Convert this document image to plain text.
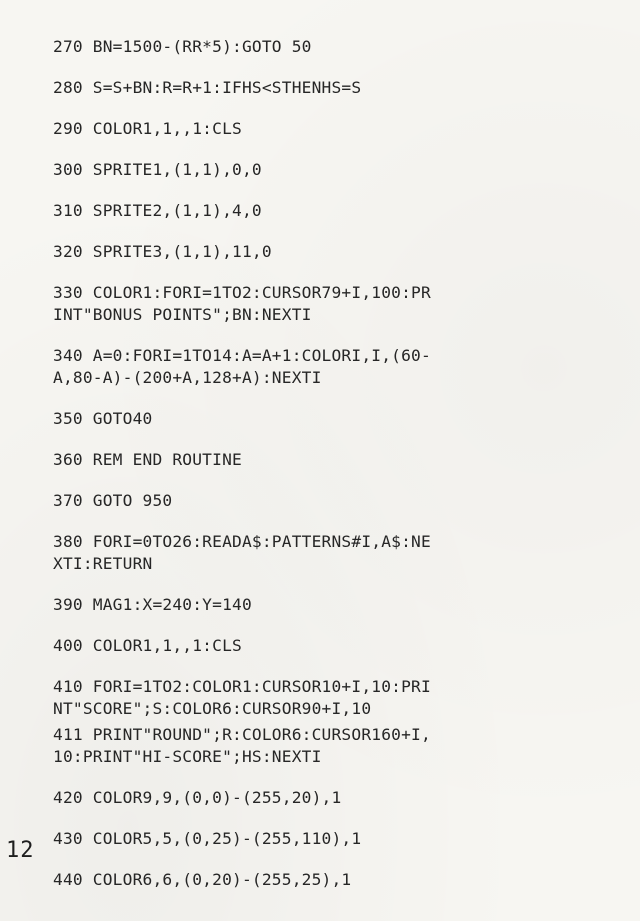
270 BN=1500-(RR*5):GOTO 50
280 S=S+BN:R=R+1:IFHS<STHENHS=S
290 COLOR1,1,,1:CLS
300 SPRITE1,(1,1),0,0
310 SPRITE2,(1,1),4,0
320 SPRITE3,(1,1),11,0
330 COLOR1:FORI=1TO2:CURSOR79+I,100:PR
INT"BONUS POINTS";BN:NEXTI
340 A=0:FORI=1TO14:A=A+1:COLORI,I,(60-
A,80-A)-(200+A,128+A):NEXTI
350 GOTO40
360 REM END ROUTINE
370 GOTO 950
380 FORI=0TO26:READA$:PATTERNS#I,A$:NE
XTI:RETURN
390 MAG1:X=240:Y=140
400 COLOR1,1,,1:CLS
410 FORI=1TO2:COLOR1:CURSOR10+I,10:PRI
NT"SCORE";S:COLOR6:CURSOR90+I,10
411 PRINT"ROUND";R:COLOR6:CURSOR160+I,
10:PRINT"HI-SCORE";HS:NEXTI
420 COLOR9,9,(0,0)-(255,20),1
430 COLOR5,5,(0,25)-(255,110),1
440 COLOR6,6,(0,20)-(255,25),1
12
